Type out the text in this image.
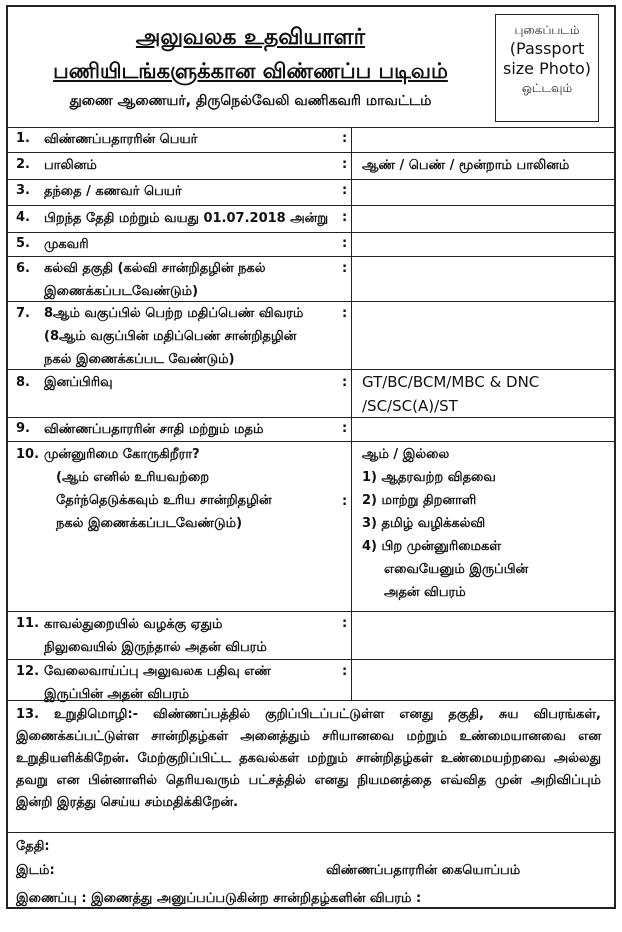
அலுவலக உதவியாளர்
பணியிடங்களுக்கான விண்ணப்ப படிவம்
துணை ஆணையர், திருநெல்வேலி வணிகவரி மாவட்டம்
புகைப்படம்
(Passport
size Photo)
ஒட்டவும்
1. விண்ணப்பதாரரின் பெயர்	:
2. பாலினம்	: ஆண் / பெண் / மூன்றாம் பாலினம்
3. தந்தை / கணவர் பெயர்	:
4. பிறந்த தேதி மற்றும் வயது 01.07.2018 அன்று	:
5. முகவரி	:
6. கல்வி தகுதி (கல்வி சான்றிதழின் நகல்
இணைக்கப்படவேண்டும்)
:
7. 8ஆம் வகுப்பில் பெற்ற மதிப்பெண் விவரம்
(8ஆம் வகுப்பின் மதிப்பெண் சான்றிதழின்
நகல் இணைக்கப்பட வேண்டும்)
:
8. இனப்பிரிவு	: GT/BC/BCM/MBC & DNC
/SC/SC(A)/ST
9. விண்ணப்பதாரரின் சாதி மற்றும் மதம்	:
10. முன்னுரிமை கோருகிறீரா?
(ஆம் எனில் உரியவற்றை
தேர்ந்தெடுக்கவும் உரிய சான்றிதழின்
நகல் இணைக்கப்படவேண்டும்)
:
ஆம் / இல்லை
1) ஆதரவற்ற விதவை
2) மாற்று திறனாளி
3) தமிழ் வழிக்கல்வி
4) பிற முன்னுரிமைகள்
எவையேனும் இருப்பின்
அதன் விபரம்
11. காவல்துறையில் வழக்கு ஏதும்
நிலுவையில் இருந்தால் அதன் விபரம்
:
12. வேலைவாய்ப்பு அலுவலக பதிவு எண்
இருப்பின் அதன் விபரம்
:
13. உறுதிமொழி:- விண்ணப்பத்தில் குறிப்பிடப்பட்டுள்ள எனது தகுதி, சுய விபரங்கள், இணைக்கப்பட்டுள்ள சான்றிதழ்கள் அனைத்தும் சரியானவை மற்றும் உண்மையானவை என உறுதியளிக்கிறேன். மேற்குறிப்பிட்ட தகவல்கள் மற்றும் சான்றிதழ்கள் உண்மையற்றவை அல்லது தவறு என பின்னாளில் தெரியவரும் பட்சத்தில் எனது நியமனத்தை எவ்வித முன் அறிவிப்பும் இன்றி இரத்து செய்ய சம்மதிக்கிறேன்.
தேதி:
இடம்:	விண்ணப்பதாரரின் கையொப்பம்
இணைப்பு : இணைத்து அனுப்பப்படுகின்ற சான்றிதழ்களின் விபரம் :
